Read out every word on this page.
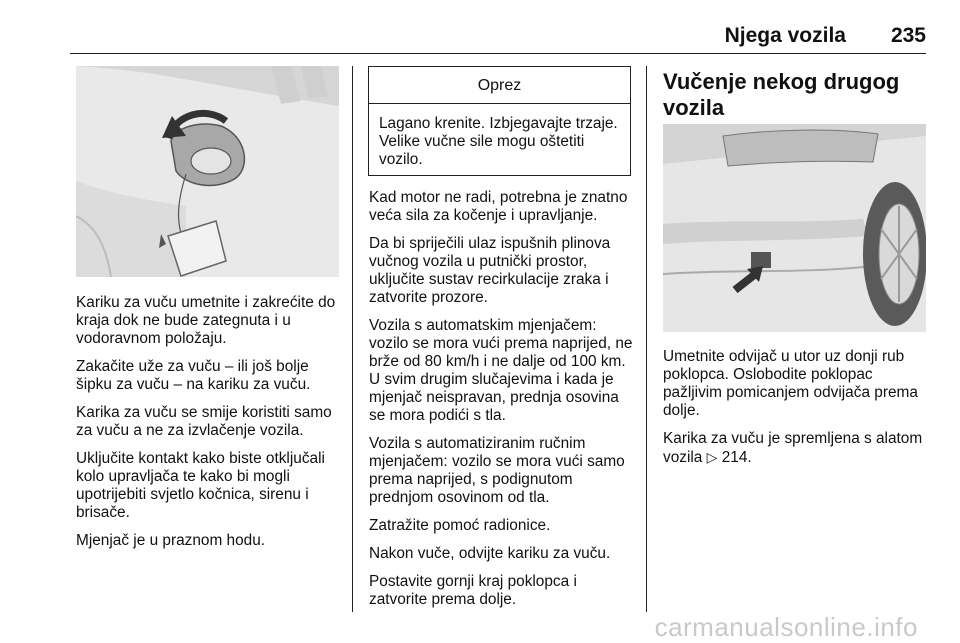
Njega vozila 235

Kariku za vuču umetnite i zakrećite do kraja dok ne bude zategnuta i u vodoravnom položaju.

Zakačite uže za vuču – ili još bolje šipku za vuču – na kariku za vuču.

Karika za vuču se smije koristiti samo za vuču a ne za izvlačenje vozila.

Uključite kontakt kako biste otključali kolo upravljača te kako bi mogli upotrijebiti svjetlo kočnica, sirenu i brisače.

Mjenjač je u praznom hodu.

Oprez
Lagano krenite. Izbjegavajte trzaje. Velike vučne sile mogu oštetiti vozilo.

Kad motor ne radi, potrebna je znatno veća sila za kočenje i upravljanje.

Da bi spriječili ulaz ispušnih plinova vučnog vozila u putnički prostor, uključite sustav recirkulacije zraka i zatvorite prozore.

Vozila s automatskim mjenjačem: vozilo se mora vući prema naprijed, ne brže od 80 km/h i ne dalje od 100 km. U svim drugim slučajevima i kada je mjenjač neispravan, prednja osovina se mora podići s tla.

Vozila s automatiziranim ručnim mjenjačem: vozilo se mora vući samo prema naprijed, s podignutom prednjom osovinom od tla.

Zatražite pomoć radionice.

Nakon vuče, odvijte kariku za vuču.

Postavite gornji kraj poklopca i zatvorite prema dolje.

Vučenje nekog drugog vozila

Umetnite odvijač u utor uz donji rub poklopca. Oslobodite poklopac pažljivim pomicanjem odvijača prema dolje.

Karika za vuču je spremljena s alatom vozila ▷ 214.

carmanualsonline.info
